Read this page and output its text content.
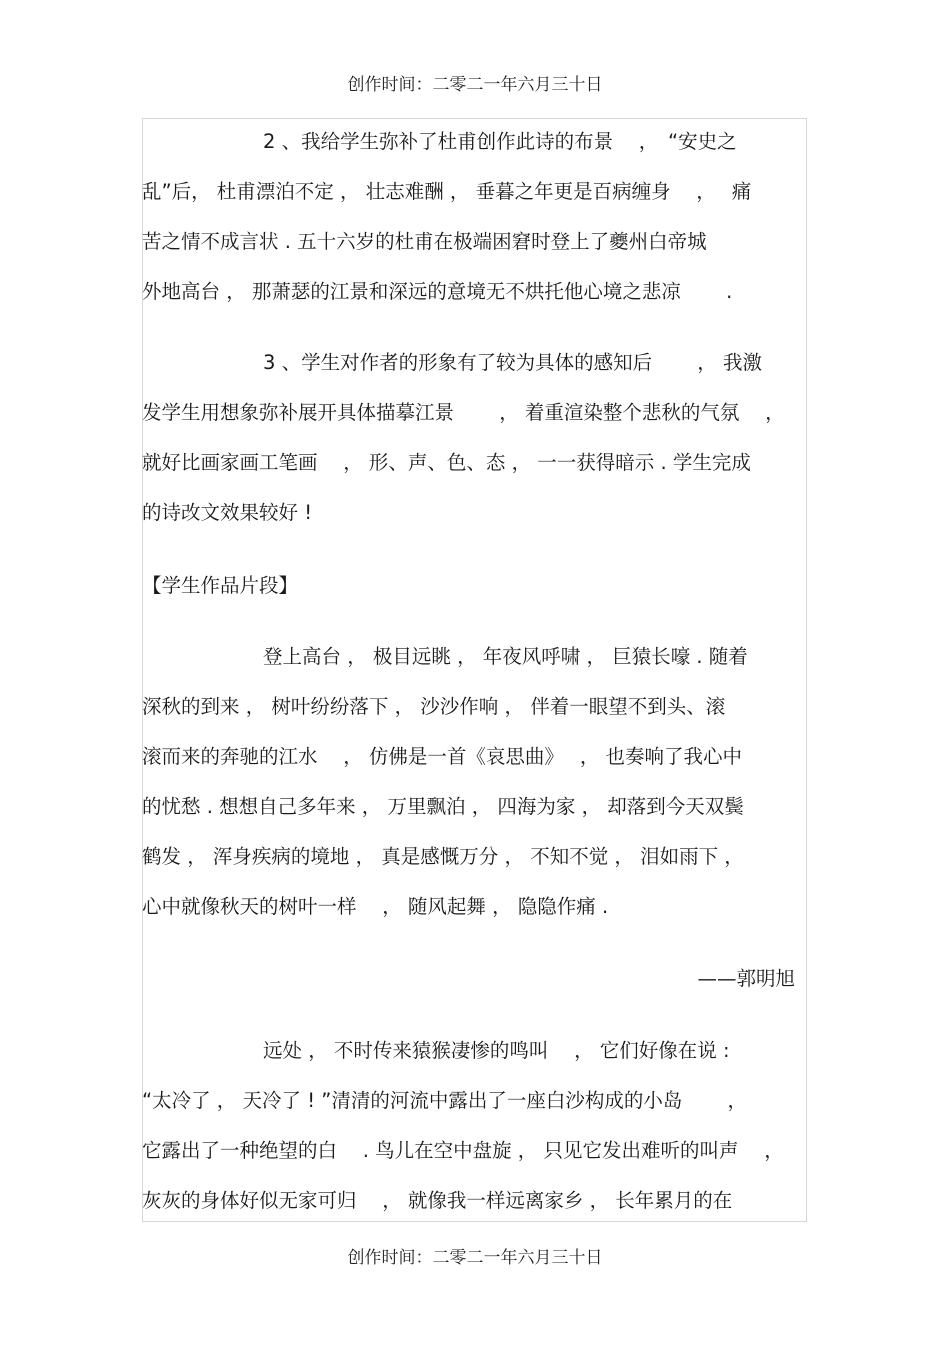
创作时间：二零二一年六月三十日
2 、我给学生弥补了杜甫创作此诗的布景　 ，　“安史之
乱”后， 杜甫漂泊不定 ， 壮志难酬 ， 垂暮之年更是百病缠身　 ，　 痛
苦之情不成言状 . 五十六岁的杜甫在极端困窘时登上了夔州白帝城
外地高台 ， 那萧瑟的江景和深远的意境无不烘托他心境之悲凉　　 .
3 、学生对作者的形象有了较为具体的感知后　　 ， 我激
发学生用想象弥补展开具体描摹江景　　 ， 着重渲染整个悲秋的气氛　 ，
就好比画家画工笔画　 ， 形、声、色、态 ， 一一获得暗示 . 学生完成
的诗改文效果较好 !
【学生作品片段】
登上高台 ， 极目远眺 ， 年夜风呼啸 ， 巨猿长嚎 . 随着
深秋的到来 ， 树叶纷纷落下 ， 沙沙作响 ， 伴着一眼望不到头、滚
滚而来的奔驰的江水　 ， 仿佛是一首《哀思曲》　 ， 也奏响了我心中
的忧愁 . 想想自己多年来 ， 万里飘泊 ， 四海为家 ， 却落到今天双鬓
鹤发 ， 浑身疾病的境地 ， 真是感慨万分 ， 不知不觉 ， 泪如雨下 ，
心中就像秋天的树叶一样　 ， 随风起舞 ， 隐隐作痛 .
——郭明旭
远处 ， 不时传来猿猴凄惨的鸣叫　 ， 它们好像在说 :
“太冷了 ， 天冷了 ! ”清清的河流中露出了一座白沙构成的小岛　　 ，
它露出了一种绝望的白　 . 鸟儿在空中盘旋 ， 只见它发出难听的叫声　 ，
灰灰的身体好似无家可归　 ， 就像我一样远离家乡 ， 长年累月的在
创作时间：二零二一年六月三十日
